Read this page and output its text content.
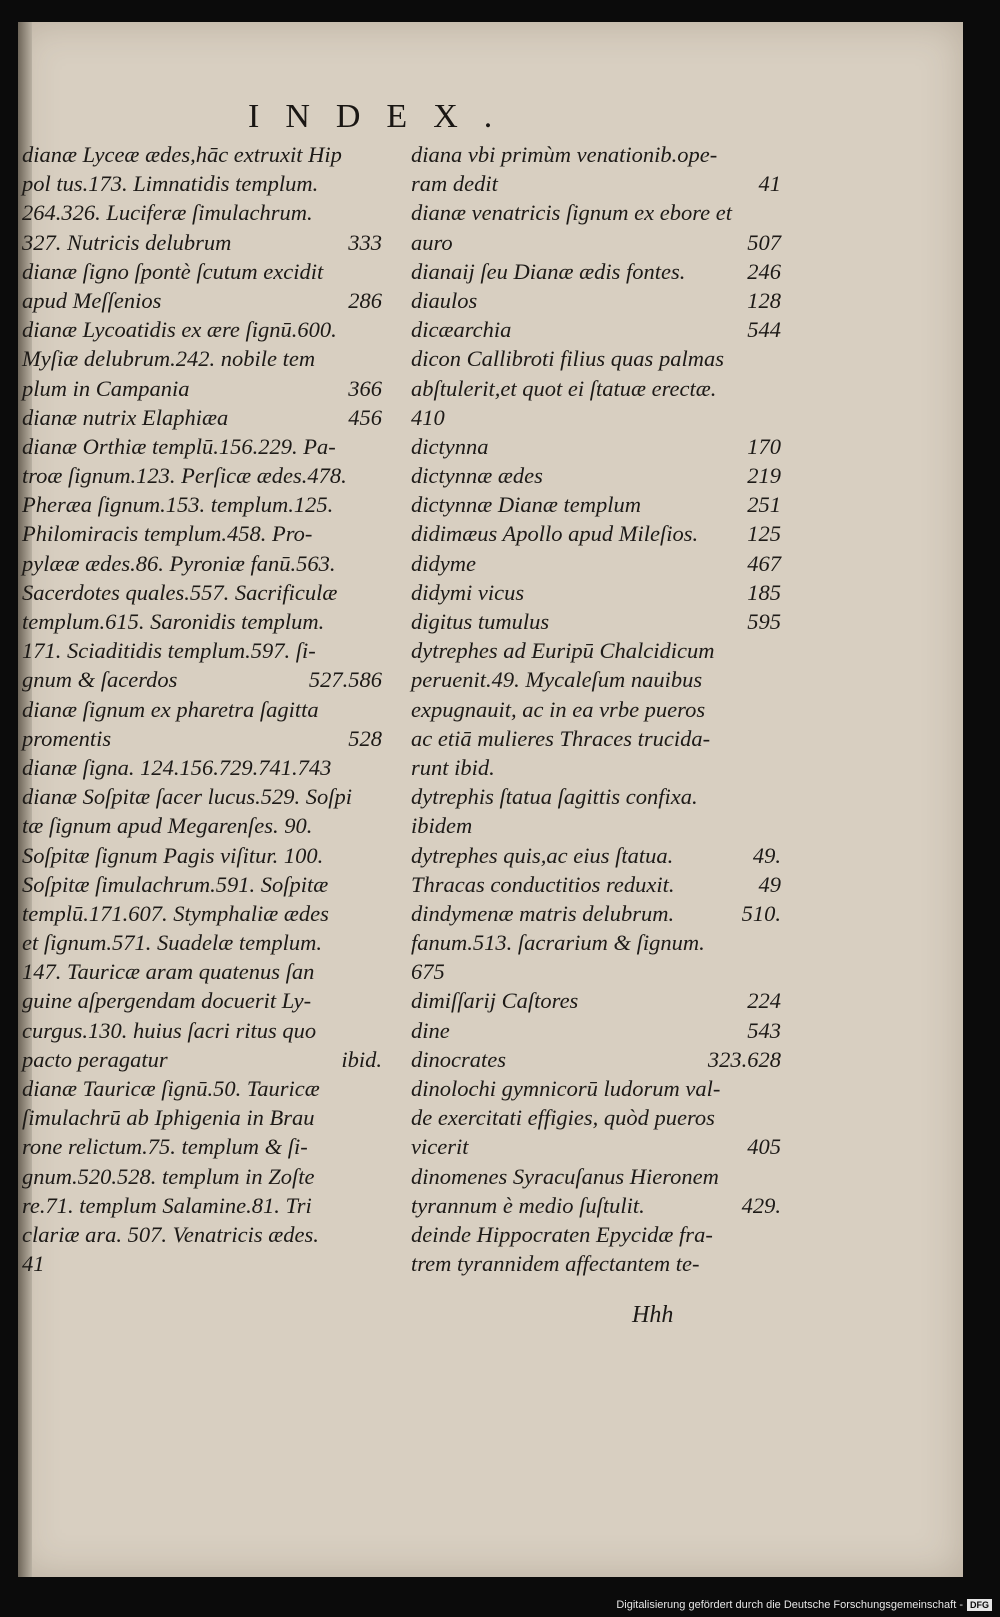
INDEX.
dianæ Lyceæ ædes,hāc extruxit Hip
pol tus.173. Limnatidis templum.
264.326. Luciferæ ſimulachrum.
327. Nutricis delubrum	333
dianæ ſigno ſpontè ſcutum excidit
apud Meſſenios	286
dianæ Lycoatidis ex ære ſignū.600.
Myſiæ delubrum.242. nobile tem
plum in Campania	366
dianæ nutrix Elaphiæa	456
dianæ Orthiæ templū.156.229. Pa-
troæ ſignum.123. Perſicæ ædes.478.
Pheræa ſignum.153. templum.125.
Philomiracis templum.458. Pro-
pylææ ædes.86. Pyroniæ fanū.563.
Sacerdotes quales.557. Sacrificulæ
templum.615. Saronidis templum.
171. Sciaditidis templum.597. ſi-
gnum & ſacerdos	527.586
dianæ ſignum ex pharetra ſagitta
promentis	528
dianæ ſigna. 124.156.729.741.743
dianæ Soſpitæ ſacer lucus.529. Soſpi
tæ ſignum apud Megarenſes. 90.
Soſpitæ ſignum Pagis viſitur. 100.
Soſpitæ ſimulachrum.591. Soſpitæ
templū.171.607. Stymphaliæ ædes
et ſignum.571. Suadelæ templum.
147. Tauricæ aram quatenus ſan
guine aſpergendam docuerit Ly-
curgus.130. huius ſacri ritus quo
pacto peragatur	ibid.
dianæ Tauricæ ſignū.50. Tauricæ
ſimulachrū ab Iphigenia in Brau
rone relictum.75. templum & ſi-
gnum.520.528. templum in Zoſte
re.71. templum Salamine.81. Tri
clariæ ara. 507. Venatricis ædes.
41
diana vbi primùm venationib.ope-
ram dedit	41
dianæ venatricis ſignum ex ebore et
auro	507
dianaij ſeu Dianæ ædis fontes.	246
diaulos	128
dicæarchia	544
dicon Callibroti filius quas palmas
abſtulerit,et quot ei ſtatuæ erectæ.
410
dictynna	170
dictynnæ ædes	219
dictynnæ Dianæ templum	251
didimæus Apollo apud Mileſios.	125
didyme	467
didymi vicus	185
digitus tumulus	595
dytrephes ad Euripū Chalcidicum
peruenit.49. Mycaleſum nauibus
expugnauit, ac in ea vrbe pueros
ac etiā mulieres Thraces trucida-
runt ibid.
dytrephis ſtatua ſagittis confixa.
ibidem
dytrephes quis,ac eius ſtatua.	49.
Thracas conductitios reduxit.	49
dindymenæ matris delubrum.	510.
fanum.513. ſacrarium & ſignum.
675
dimiſſarij Caſtores	224
dine	543
dinocrates	323.628
dinolochi gymnicorū ludorum val-
de exercitati effigies, quòd pueros
vicerit	405
dinomenes Syracuſanus Hieronem
tyrannum è medio ſuſtulit.	429.
deinde Hippocraten Epycidæ fra-
trem tyrannidem affectantem te-
Hhh
Digitalisierung gefördert durch die Deutsche Forschungsgemeinschaft - DFG
